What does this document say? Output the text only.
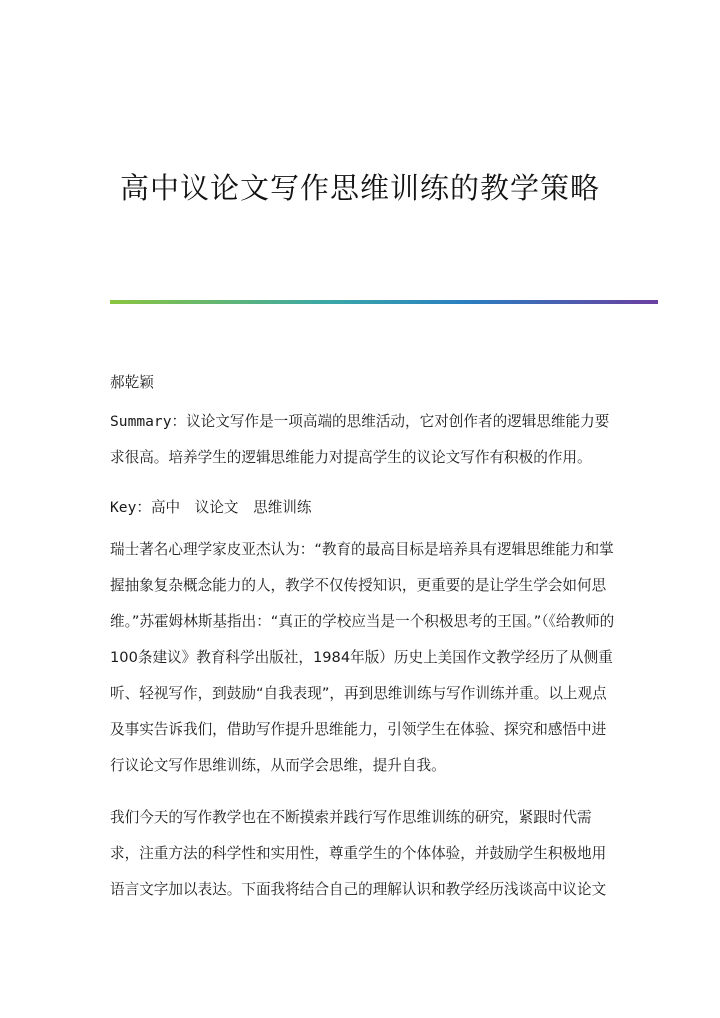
高中议论文写作思维训练的教学策略

郝乾颖

Summary：议论文写作是一项高端的思维活动，它对创作者的逻辑思维能力要求很高。培养学生的逻辑思维能力对提高学生的议论文写作有积极的作用。

Key：高中　议论文　思维训练

瑞士著名心理学家皮亚杰认为：“教育的最高目标是培养具有逻辑思维能力和掌握抽象复杂概念能力的人，教学不仅传授知识，更重要的是让学生学会如何思维。”苏霍姆林斯基指出：“真正的学校应当是一个积极思考的王国。”（《给教师的100条建议》教育科学出版社，1984年版）历史上美国作文教学经历了从侧重听、轻视写作，到鼓励“自我表现”，再到思维训练与写作训练并重。以上观点及事实告诉我们，借助写作提升思维能力，引领学生在体验、探究和感悟中进行议论文写作思维训练，从而学会思维，提升自我。

我们今天的写作教学也在不断摸索并践行写作思维训练的研究，紧跟时代需求，注重方法的科学性和实用性，尊重学生的个体体验，并鼓励学生积极地用语言文字加以表达。下面我将结合自己的理解认识和教学经历浅谈高中议论文
